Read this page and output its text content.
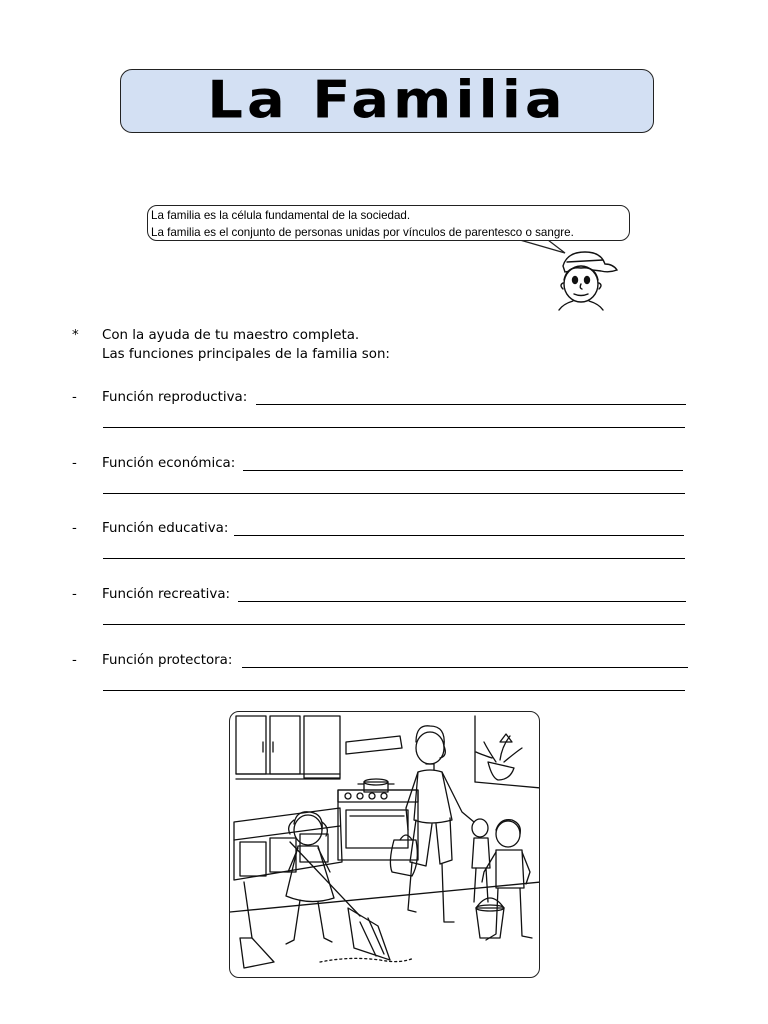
La Familia
La familia es la célula fundamental de la sociedad.
La familia es el conjunto de personas unidas por vínculos de parentesco o sangre.
* Con la ayuda de tu maestro completa.
Las funciones principales de la familia son:
- Función reproductiva:
- Función económica:
- Función educativa:
- Función recreativa:
- Función protectora:
